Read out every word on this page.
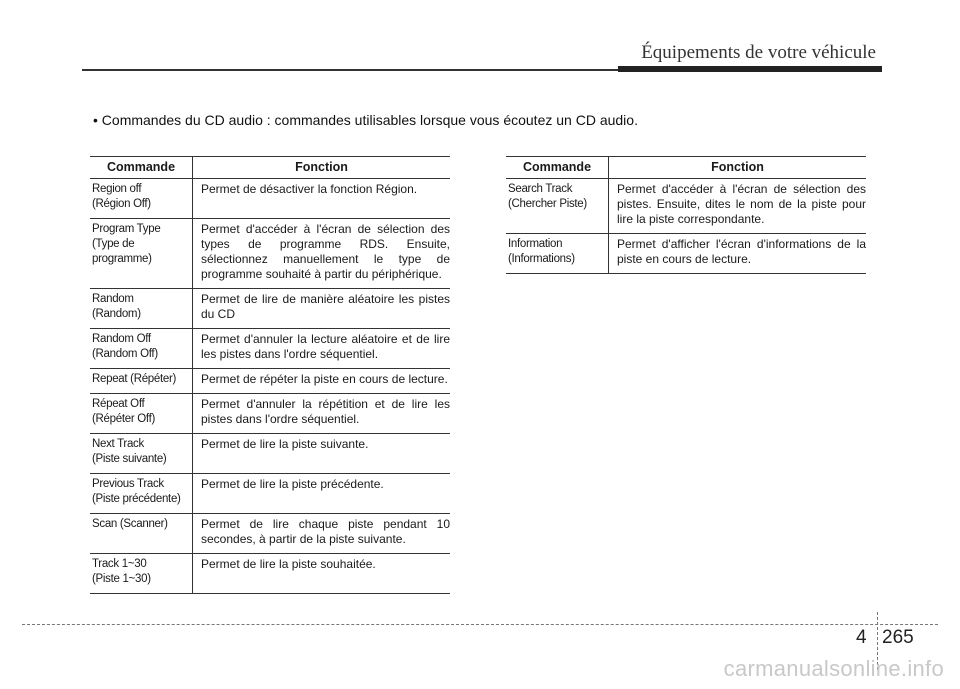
Équipements de votre véhicule
• Commandes du CD audio : commandes utilisables lorsque vous écoutez un CD audio.
Commande	Fonction
Region off
(Région Off)	Permet de désactiver la fonction Région.
Program Type
(Type de
programme)	Permet d'accéder à l'écran de sélection des types de programme RDS. Ensuite, sélectionnez manuellement le type de programme souhaité à partir du périphérique.
Random
(Random)	Permet de lire de manière aléatoire les pistes du CD
Random Off
(Random Off)	Permet d'annuler la lecture aléatoire et de lire les pistes dans l'ordre séquentiel.
Repeat (Répéter)	Permet de répéter la piste en cours de lecture.
Répeat Off
(Répéter Off)	Permet d'annuler la répétition et de lire les pistes dans l'ordre séquentiel.
Next Track
(Piste suivante)	Permet de lire la piste suivante.
Previous Track
(Piste précédente)	Permet de lire la piste précédente.
Scan (Scanner)	Permet de lire chaque piste pendant 10 secondes, à partir de la piste suivante.
Track 1~30
(Piste 1~30)	Permet de lire la piste souhaitée.
Commande	Fonction
Search Track
(Chercher Piste)	Permet d'accéder à l'écran de sélection des pistes. Ensuite, dites le nom de la piste pour lire la piste correspondante.
Information
(Informations)	Permet d'afficher l'écran d'informations de la piste en cours de lecture.
4 265
carmanualsonline.info
